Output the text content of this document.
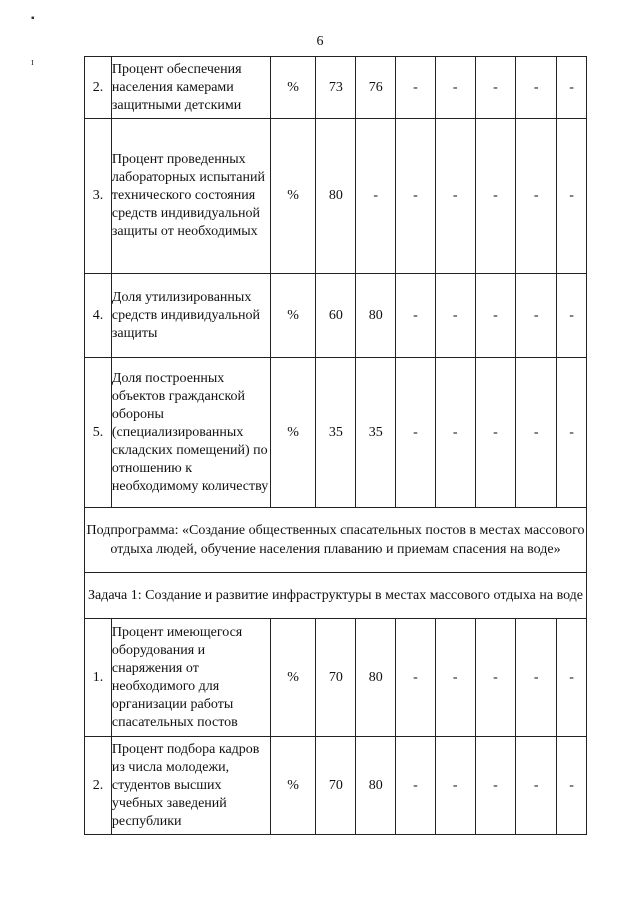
6
▪
ɪ
2.	Процент обеспечения населения камерами защитными детскими	%	73	76	-	-	-	-	-
3.	Процент проведенных лабораторных испытаний технического состояния средств индивидуальной защиты от необходимых	%	80	-	-	-	-	-	-
4.	Доля утилизированных средств индивидуальной защиты	%	60	80	-	-	-	-	-
5.	Доля построенных объектов гражданской обороны (специализированных складских помещений) по отношению к необходимому количеству	%	35	35	-	-	-	-	-
Подпрограмма: «Создание общественных спасательных постов в местах массового отдыха людей, обучение населения плаванию и приемам спасения на воде»									
Задача 1: Создание и развитие инфраструктуры в местах массового отдыха на воде									
1.	Процент имеющегося оборудования и снаряжения от необходимого для организации работы спасательных постов	%	70	80	-	-	-	-	-
2.	Процент подбора кадров из числа молодежи, студентов высших учебных заведений республики	%	70	80	-	-	-	-	-
